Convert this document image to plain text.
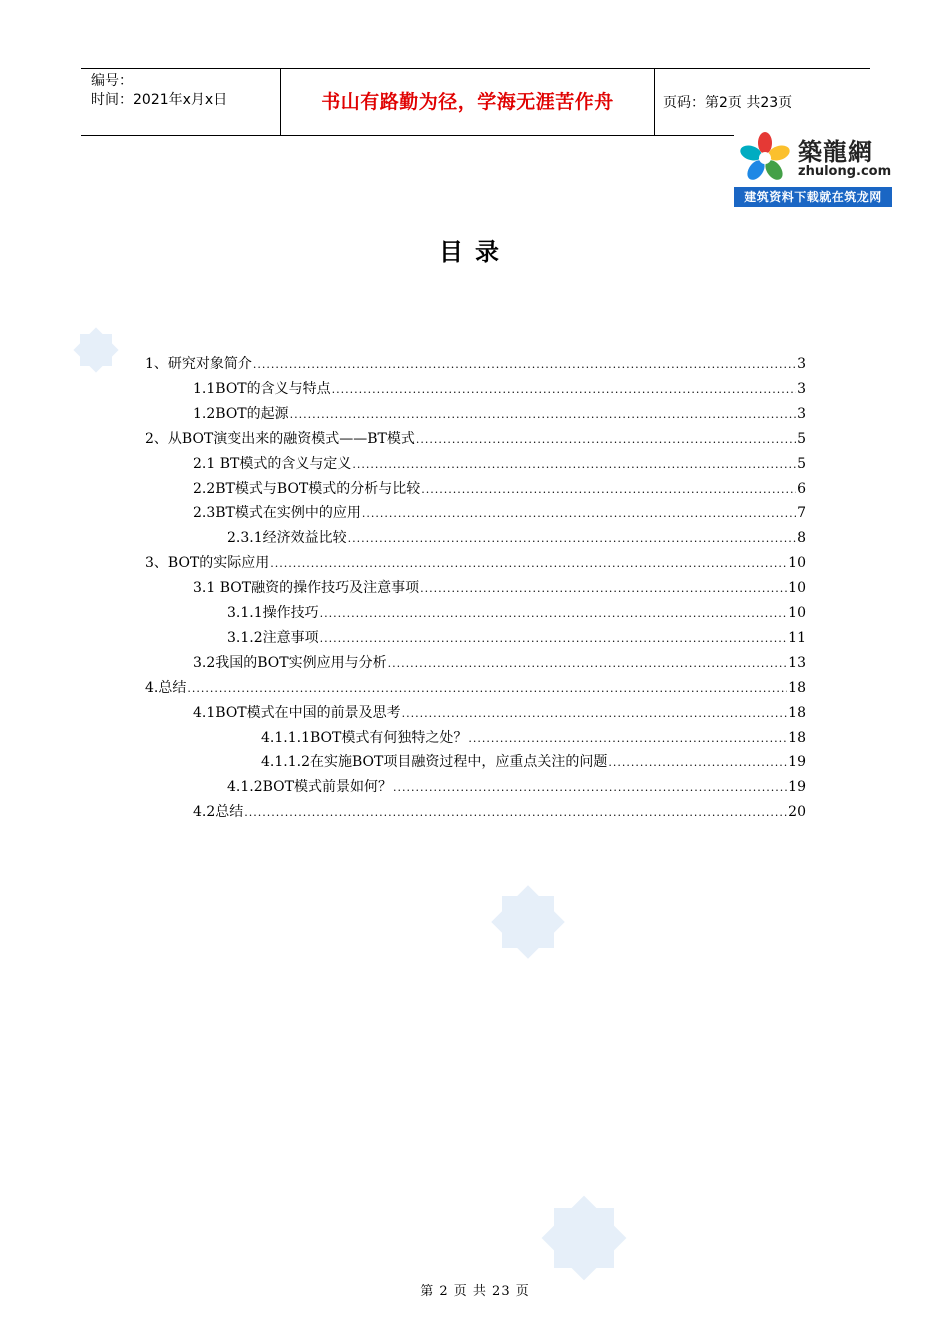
编号：
时间：2021年x月x日	书山有路勤为径，学海无涯苦作舟	页码：第2页 共23页
築龍網
zhulong.com
建筑资料下载就在筑龙网
目录
1、研究对象简介 .....	3
1.1BOT的含义与特点 .....	3
1.2BOT的起源 .....	3
2、从BOT演变出来的融资模式——BT模式 .....	5
2.1 BT模式的含义与定义 .....	5
2.2BT模式与BOT模式的分析与比较 .....	6
2.3BT模式在实例中的应用 .....	7
2.3.1经济效益比较 .....	8
3、BOT的实际应用 .....	10
3.1 BOT融资的操作技巧及注意事项 .....	10
3.1.1操作技巧 .....	10
3.1.2注意事项 .....	11
3.2我国的BOT实例应用与分析 .....	13
4.总结 .....	18
4.1BOT模式在中国的前景及思考 .....	18
4.1.1.1BOT模式有何独特之处？ .....	18
4.1.1.2在实施BOT项目融资过程中，应重点关注的问题 .....	19
4.1.2BOT模式前景如何？ .....	19
4.2总结 .....	20
第 2 页 共 23 页
